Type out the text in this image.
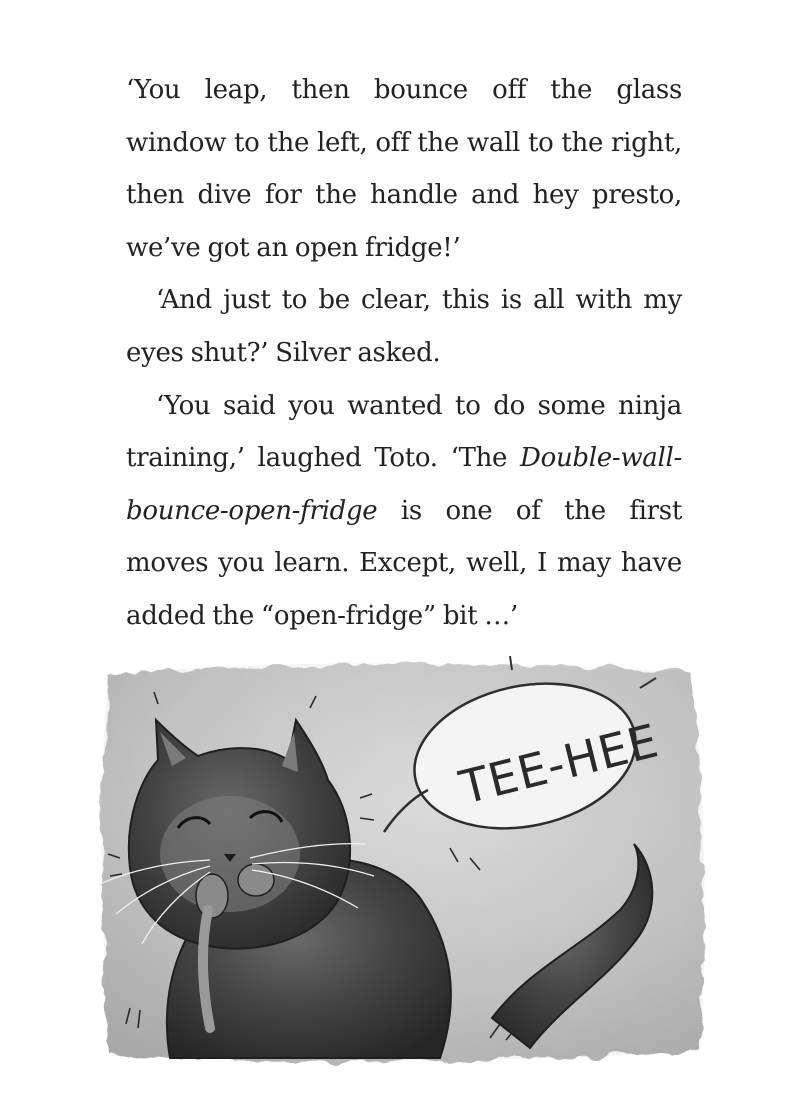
‘You leap, then bounce off the glass window to the left, off the wall to the right, then dive for the handle and hey presto, we’ve got an open fridge!’

‘And just to be clear, this is all with my eyes shut?’ Silver asked.

‘You said you wanted to do some ninja training,’ laughed Toto. ‘The Double-wall-bounce-open-fridge is one of the first moves you learn. Except, well, I may have added the “open-fridge” bit …’

TEE-HEE
